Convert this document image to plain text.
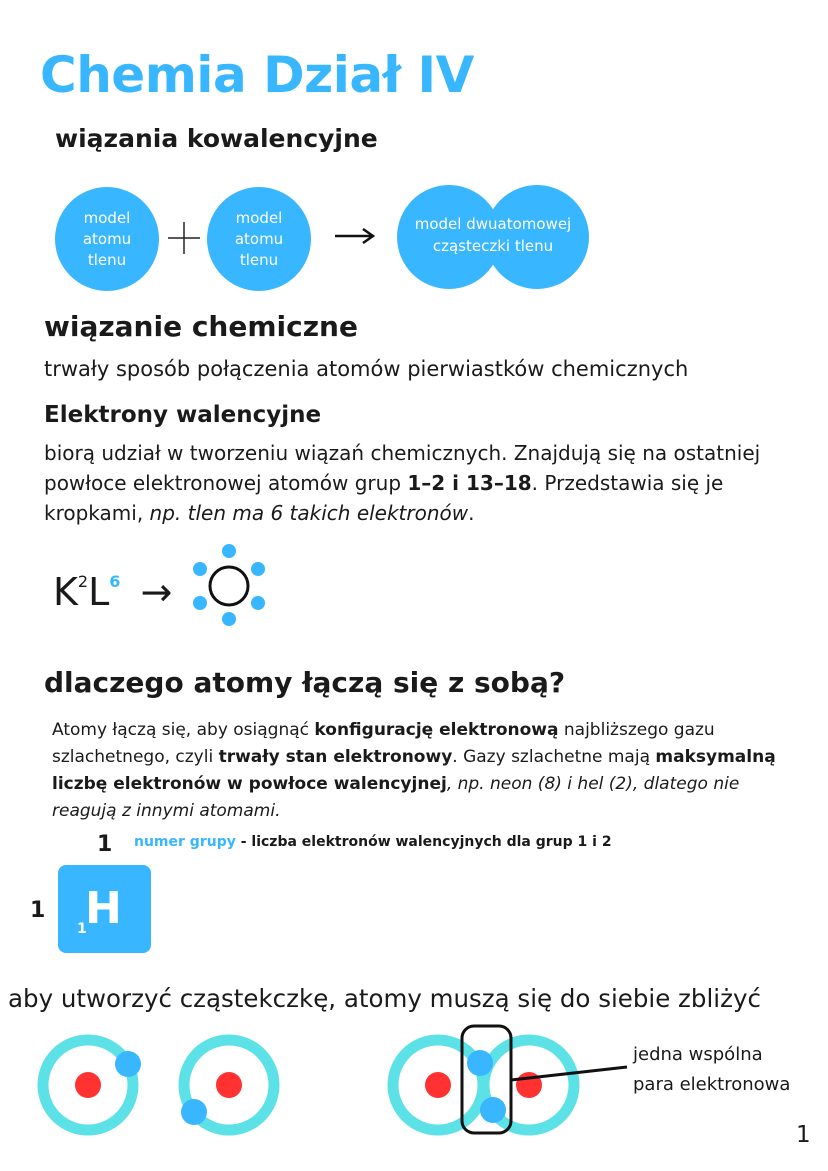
Chemia Dział IV
wiązania kowalencyjne
model
atomu
tlenu
model
atomu
tlenu
model dwuatomowej
cząsteczki tlenu
wiązanie chemiczne
trwały sposób połączenia atomów pierwiastków chemicznych
Elektrony walencyjne
biorą udział w tworzeniu wiązań chemicznych. Znajdują się na ostatniej
powłoce elektronowej atomów grup 1–2 i 13–18. Przedstawia się je
kropkami, np. tlen ma 6 takich elektronów.
$K^2L^6$ →
dlaczego atomy łączą się z sobą?
Atomy łączą się, aby osiągnąć konfigurację elektronową najbliższego gazu
szlachetnego, czyli trwały stan elektronowy. Gazy szlachetne mają maksymalną
liczbę elektronów w powłoce walencyjnej, np. neon (8) i hel (2), dlatego nie
reagują z innymi atomami.
1 numer grupy - liczba elektronów walencyjnych dla grup 1 i 2
1
1
H
aby utworzyć cząstekczkę, atomy muszą się do siebie zbliżyć
jedna wspólna
para elektronowa
1
